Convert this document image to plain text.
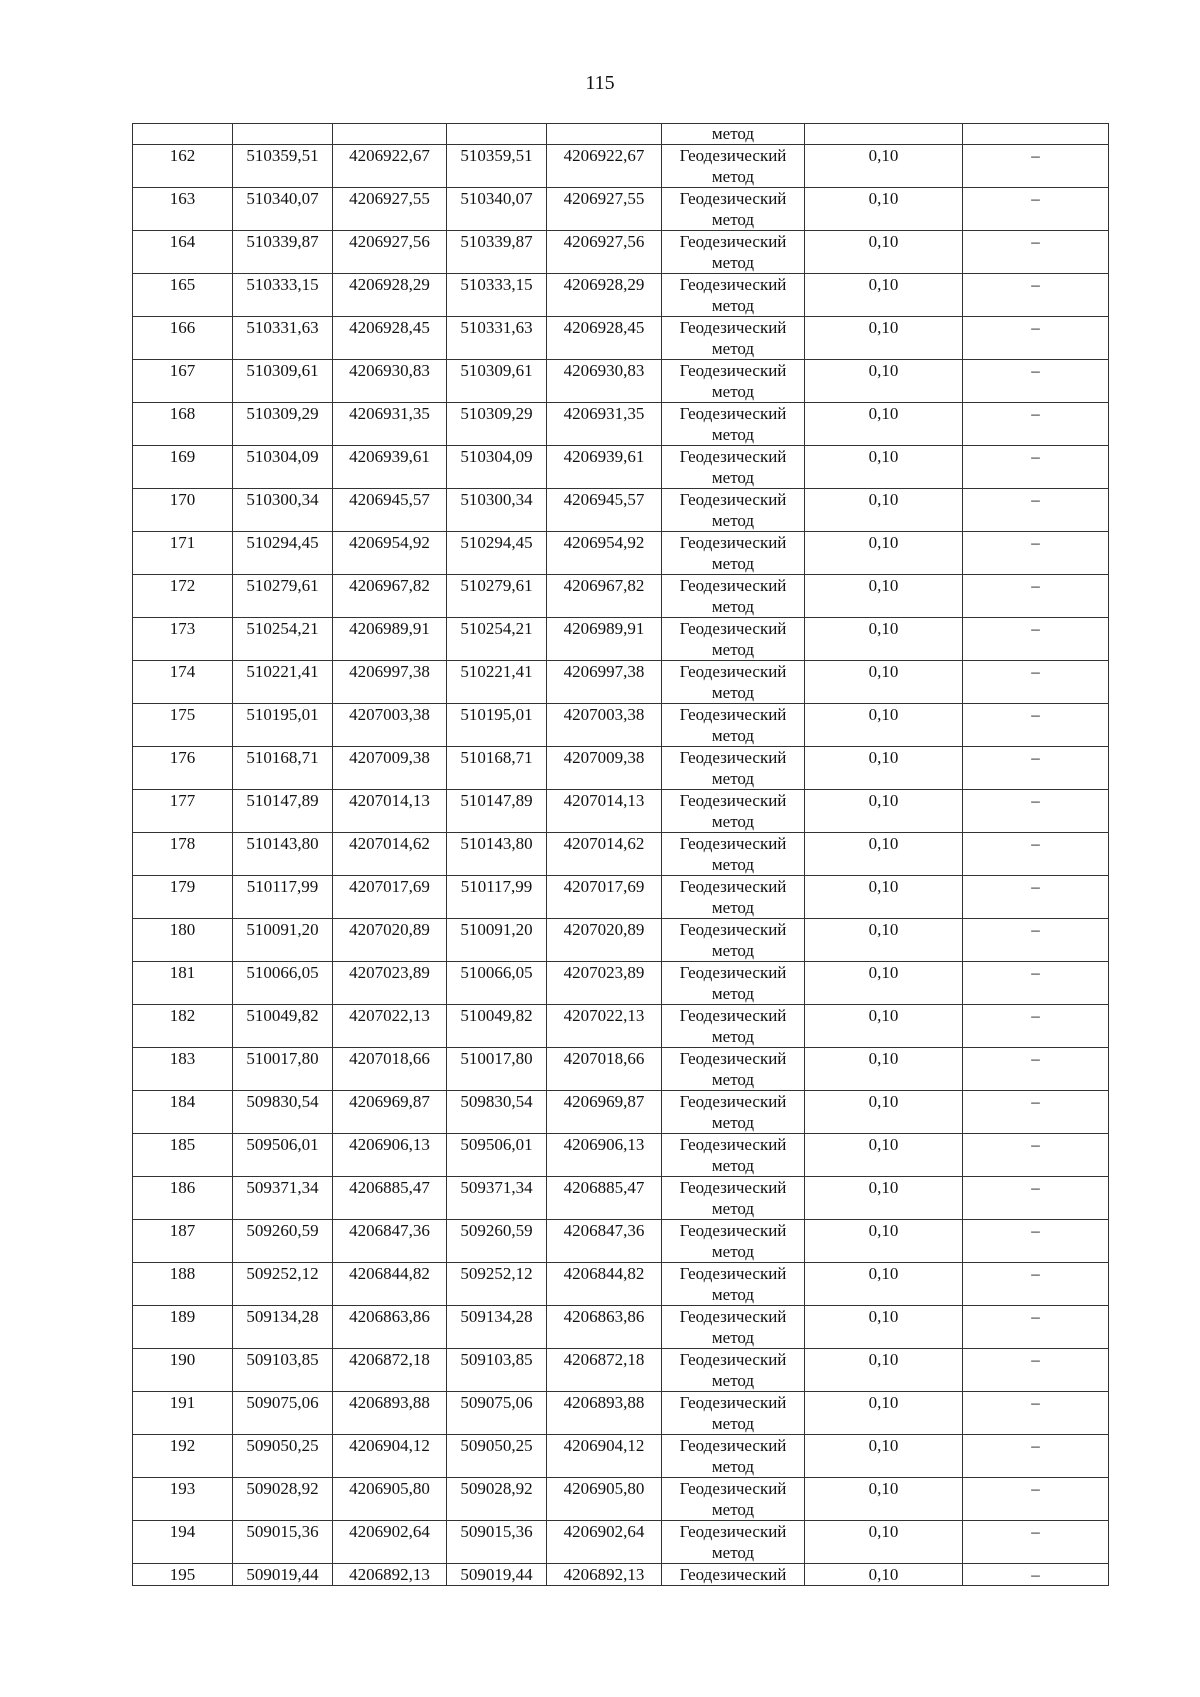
115
					метод		
162	510359,51	4206922,67	510359,51	4206922,67	Геодезический
метод	0,10	–
163	510340,07	4206927,55	510340,07	4206927,55	Геодезический
метод	0,10	–
164	510339,87	4206927,56	510339,87	4206927,56	Геодезический
метод	0,10	–
165	510333,15	4206928,29	510333,15	4206928,29	Геодезический
метод	0,10	–
166	510331,63	4206928,45	510331,63	4206928,45	Геодезический
метод	0,10	–
167	510309,61	4206930,83	510309,61	4206930,83	Геодезический
метод	0,10	–
168	510309,29	4206931,35	510309,29	4206931,35	Геодезический
метод	0,10	–
169	510304,09	4206939,61	510304,09	4206939,61	Геодезический
метод	0,10	–
170	510300,34	4206945,57	510300,34	4206945,57	Геодезический
метод	0,10	–
171	510294,45	4206954,92	510294,45	4206954,92	Геодезический
метод	0,10	–
172	510279,61	4206967,82	510279,61	4206967,82	Геодезический
метод	0,10	–
173	510254,21	4206989,91	510254,21	4206989,91	Геодезический
метод	0,10	–
174	510221,41	4206997,38	510221,41	4206997,38	Геодезический
метод	0,10	–
175	510195,01	4207003,38	510195,01	4207003,38	Геодезический
метод	0,10	–
176	510168,71	4207009,38	510168,71	4207009,38	Геодезический
метод	0,10	–
177	510147,89	4207014,13	510147,89	4207014,13	Геодезический
метод	0,10	–
178	510143,80	4207014,62	510143,80	4207014,62	Геодезический
метод	0,10	–
179	510117,99	4207017,69	510117,99	4207017,69	Геодезический
метод	0,10	–
180	510091,20	4207020,89	510091,20	4207020,89	Геодезический
метод	0,10	–
181	510066,05	4207023,89	510066,05	4207023,89	Геодезический
метод	0,10	–
182	510049,82	4207022,13	510049,82	4207022,13	Геодезический
метод	0,10	–
183	510017,80	4207018,66	510017,80	4207018,66	Геодезический
метод	0,10	–
184	509830,54	4206969,87	509830,54	4206969,87	Геодезический
метод	0,10	–
185	509506,01	4206906,13	509506,01	4206906,13	Геодезический
метод	0,10	–
186	509371,34	4206885,47	509371,34	4206885,47	Геодезический
метод	0,10	–
187	509260,59	4206847,36	509260,59	4206847,36	Геодезический
метод	0,10	–
188	509252,12	4206844,82	509252,12	4206844,82	Геодезический
метод	0,10	–
189	509134,28	4206863,86	509134,28	4206863,86	Геодезический
метод	0,10	–
190	509103,85	4206872,18	509103,85	4206872,18	Геодезический
метод	0,10	–
191	509075,06	4206893,88	509075,06	4206893,88	Геодезический
метод	0,10	–
192	509050,25	4206904,12	509050,25	4206904,12	Геодезический
метод	0,10	–
193	509028,92	4206905,80	509028,92	4206905,80	Геодезический
метод	0,10	–
194	509015,36	4206902,64	509015,36	4206902,64	Геодезический
метод	0,10	–
195	509019,44	4206892,13	509019,44	4206892,13	Геодезический	0,10	–
